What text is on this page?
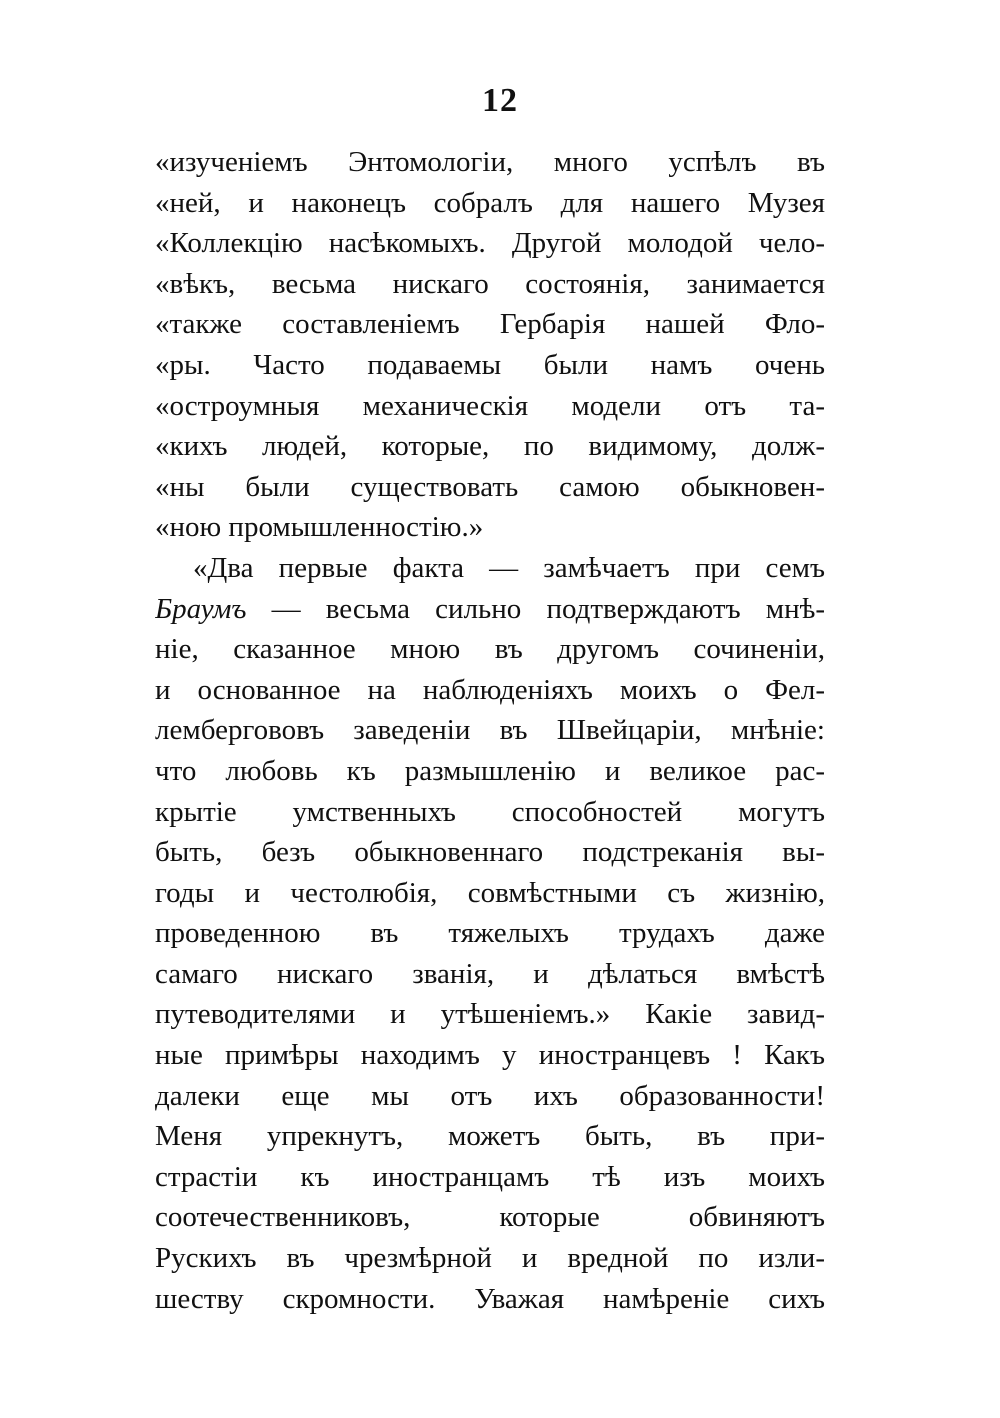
12
«изученіемъ Энтомологіи, много успѣлъ въ
«ней, и наконецъ собралъ для нашего Музея
«Коллекцію насѣкомыхъ. Другой молодой чело-
«вѣкъ, весьма нискаго состоянія, занимается
«также составленіемъ Гербарія нашей Фло-
«ры. Часто подаваемы были намъ очень
«остроумныя механическія модели отъ та-
«кихъ людей, которые, по видимому, долж-
«ны были существовать самою обыкновен-
«ною промышленностію.»
«Два первые факта — замѣчаетъ при семъ
Браумъ — весьма сильно подтверждаютъ мнѣ-
ніе, сказанное мною въ другомъ сочиненіи,
и основанное на наблюденіяхъ моихъ о Фел-
лембергововъ заведеніи въ Швейцаріи, мнѣніе:
что любовь къ размышленію и великое рас-
крытіе умственныхъ способностей могутъ
быть, безъ обыкновеннаго подстреканія вы-
годы и честолюбія, совмѣстными съ жизнію,
проведенною въ тяжелыхъ трудахъ даже
самаго нискаго званія, и дѣлаться вмѣстѣ
путеводителями и утѣшеніемъ.» Какіе завид-
ные примѣры находимъ у иностранцевъ ! Какъ
далеки еще мы отъ ихъ образованности!
Меня упрекнутъ, можетъ быть, въ при-
страстіи къ иностранцамъ тѣ изъ моихъ
соотечественниковъ, которые обвиняютъ
Рускихъ въ чрезмѣрной и вредной по изли-
шеству скромности. Уважая намѣреніе сихъ
